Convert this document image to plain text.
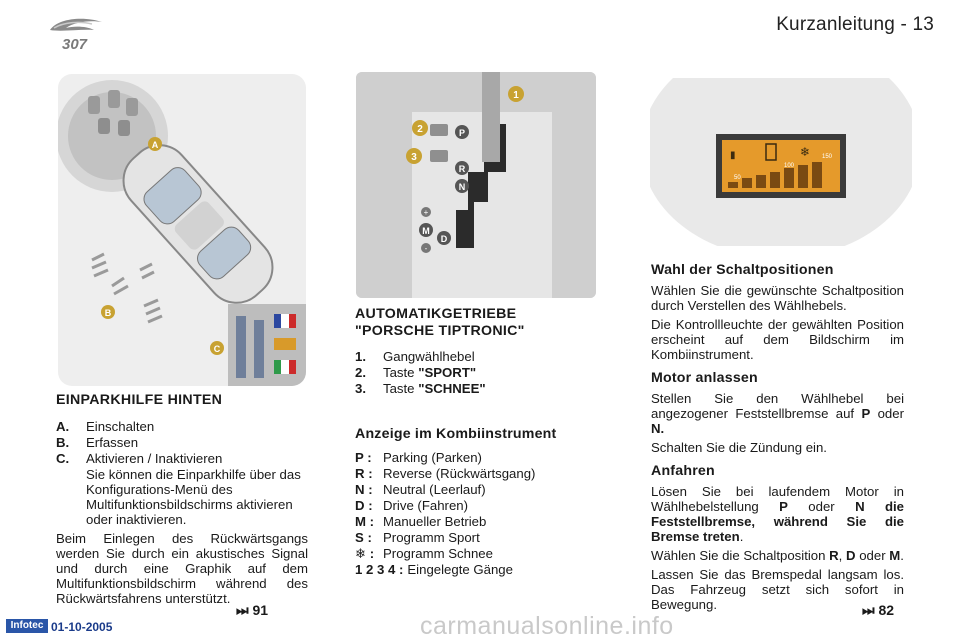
307
Kurzanleitung - 13
A
B
C
1
2
3
P
R
N
D
M
+
-
❄
▮
50
100
150
EINPARKHILFE HINTEN
A.	Einschalten
B.	Erfassen
C.	Aktivieren / Inaktivieren
Sie können die Einparkhilfe über das Konfigurations-Menü des Multifunktionsbildschirms aktivieren oder inaktivieren.

Beim Einlegen des Rückwärtsgangs werden Sie durch ein akustisches Signal und durch eine Graphik auf dem Multifunktionsbildschirm während des Rückwärtsfahrens unterstützt.

AUTOMATIKGETRIEBE
"PORSCHE TIPTRONIC"
1.	Gangwählhebel
2.	Taste "SPORT"
3.	Taste "SCHNEE"
Anzeige im Kombiinstrument
P : Parking (Parken)
R : Reverse (Rückwärtsgang)
N : Neutral (Leerlauf)
D : Drive (Fahren)
M : Manueller Betrieb
S : Programm Sport
❄ : Programm Schnee
1 2 3 4 : Eingelegte Gänge
Wahl der Schaltpositionen

Wählen Sie die gewünschte Schaltposition durch Verstellen des Wählhebels.

Die Kontrollleuchte der gewählten Position erscheint auf dem Bildschirm im Kombiinstrument.

Motor anlassen

Stellen Sie den Wählhebel bei angezogener Feststellbremse auf P oder N.

Schalten Sie die Zündung ein.

Anfahren

Lösen Sie bei laufendem Motor in Wählhebelstellung P oder N die Feststellbremse, während Sie die Bremse treten.

Wählen Sie die Schaltposition R, D oder M.

Lassen Sie das Bremspedal langsam los. Das Fahrzeug setzt sich sofort in Bewegung.

⏭ 91	⏭ 82
Infotec 01-10-2005	carmanualsonline.info
